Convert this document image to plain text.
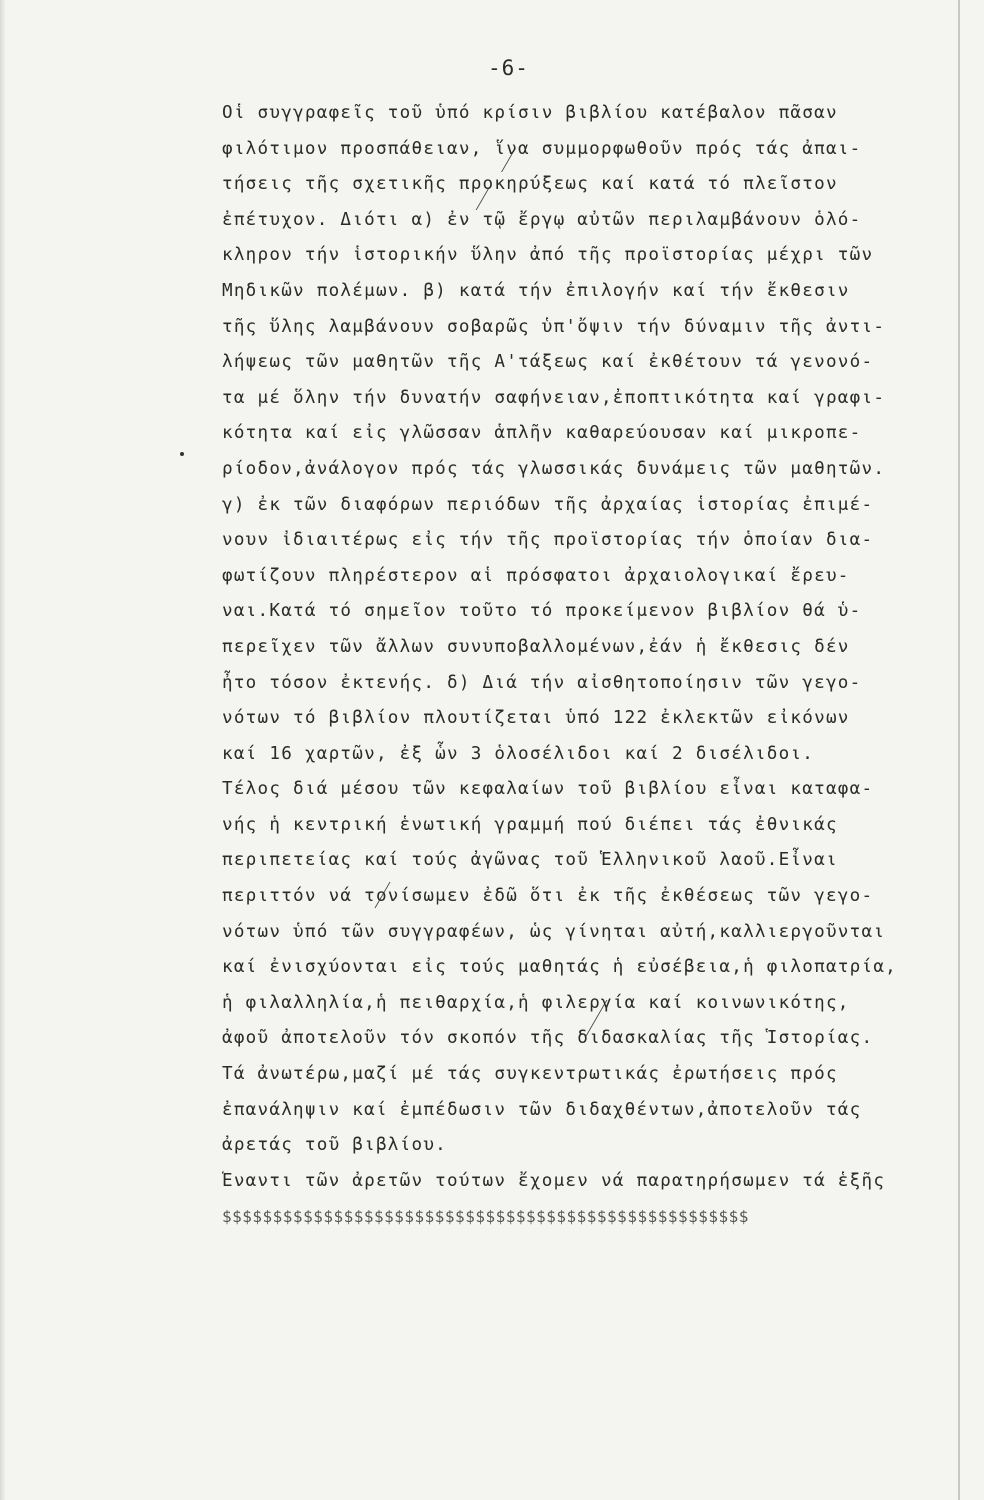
-6-
Οἱ συγγραφεῖς τοῦ ὑπό κρίσιν βιβλίου κατέβαλον πᾶσαν
φιλότιμον προσπάθειαν, ἵνα συμμορφωθοῦν πρός τάς ἀπαι-
τήσεις τῆς σχετικῆς προκηρύξεως καί κατά τό πλεῖστον
ἐπέτυχον. Διότι α) ἐν τῷ ἔργῳ αὐτῶν περιλαμβάνουν ὁλό-
κληρον τήν ἱστορικήν ὕλην ἀπό τῆς προϊστορίας μέχρι τῶν
Μηδικῶν πολέμων. β) κατά τήν ἐπιλογήν καί τήν ἔκθεσιν
τῆς ὕλης λαμβάνουν σοβαρῶς ὑπ'ὄψιν τήν δύναμιν τῆς ἀντι-
λήψεως τῶν μαθητῶν τῆς Α'τάξεως καί ἐκθέτουν τά γενονό-
τα μέ ὅλην τήν δυνατήν σαφήνειαν,ἐποπτικότητα καί γραφι-
κότητα καί εἰς γλῶσσαν ἁπλῆν καθαρεύουσαν καί μικροπε-
ρίοδον,ἀνάλογον πρός τάς γλωσσικάς δυνάμεις τῶν μαθητῶν.
γ) ἐκ τῶν διαφόρων περιόδων τῆς ἀρχαίας ἱστορίας ἐπιμέ-
νουν ἰδιαιτέρως εἰς τήν τῆς προϊστορίας τήν ὁποίαν δια-
φωτίζουν πληρέστερον αἱ πρόσφατοι ἀρχαιολογικαί ἔρευ-
ναι.Κατά τό σημεῖον τοῦτο τό προκείμενον βιβλίον θά ὑ-
περεῖχεν τῶν ἄλλων συνυποβαλλομένων,ἐάν ἡ ἔκθεσις δέν
ἦτο τόσον ἐκτενής. δ) Διά τήν αἰσθητοποίησιν τῶν γεγο-
νότων τό βιβλίον πλουτίζεται ὑπό 122 ἐκλεκτῶν εἰκόνων
καί 16 χαρτῶν, ἐξ ὧν 3 ὁλοσέλιδοι καί 2 δισέλιδοι.
Τέλος διά μέσου τῶν κεφαλαίων τοῦ βιβλίου εἶναι καταφα-
νής ἡ κεντρική ἑνωτική γραμμή πού διέπει τάς ἐθνικάς
περιπετείας καί τούς ἀγῶνας τοῦ Ἑλληνικοῦ λαοῦ.Εἶναι
περιττόν νά τονίσωμεν ἐδῶ ὅτι ἐκ τῆς ἐκθέσεως τῶν γεγο-
νότων ὑπό τῶν συγγραφέων, ὡς γίνηται αὐτή,καλλιεργοῦνται
καί ἐνισχύονται εἰς τούς μαθητάς ἡ εὐσέβεια,ἡ φιλοπατρία,
ἡ φιλαλληλία,ἡ πειθαρχία,ἡ φιλεργία καί κοινωνικότης,
ἀφοῦ ἀποτελοῦν τόν σκοπόν τῆς διδασκαλίας τῆς Ἱστορίας.
Τά ἀνωτέρω,μαζί μέ τάς συγκεντρωτικάς ἐρωτήσεις πρός
ἐπανάληψιν καί ἐμπέδωσιν τῶν διδαχθέντων,ἀποτελοῦν τάς
ἀρετάς τοῦ βιβλίου.
Ἔναντι τῶν ἀρετῶν τούτων ἔχομεν νά παρατηρήσωμεν τά ἑξῆς
$$$$$$$$$$$$$$$$$$$$$$$$$$$$$$$$$$$$$$$$$$$$$$$$$$$$
